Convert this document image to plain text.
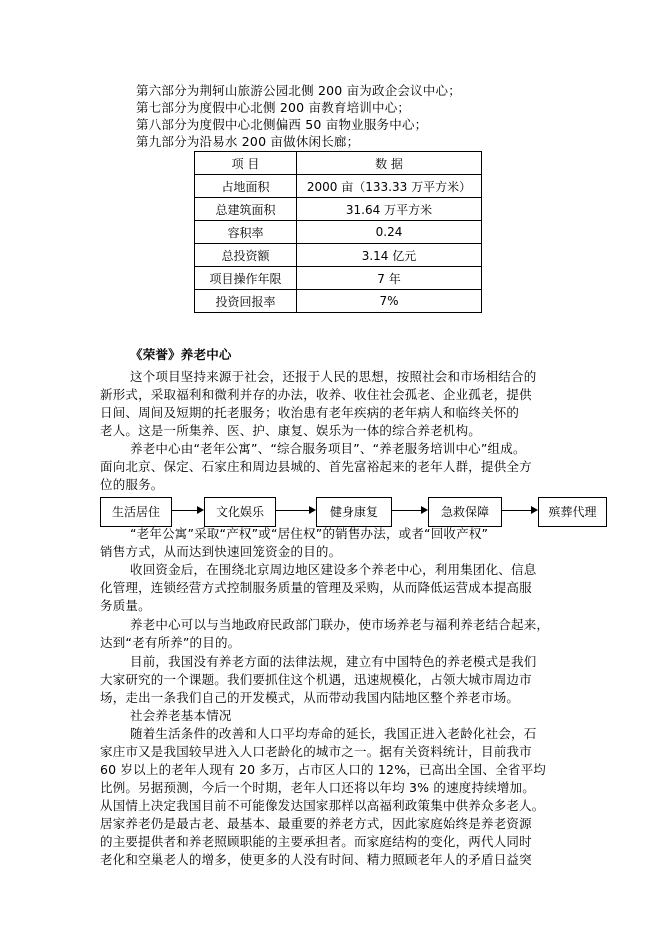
第六部分为荆轲山旅游公园北侧 200 亩为政企会议中心；
第七部分为度假中心北侧 200 亩教育培训中心；
第八部分为度假中心北侧偏西 50 亩物业服务中心；
第九部分为沿易水 200 亩做休闲长廊；
项 目	数 据
占地面积	2000 亩（133.33 万平方米）
总建筑面积	31.64 万平方米
容积率	0.24
总投资额	3.14 亿元
项目操作年限	7 年
投资回报率	7%
《荣誉》养老中心
这个项目坚持来源于社会，还报于人民的思想，按照社会和市场相结合的
新形式，采取福利和微利并存的办法，收养、收住社会孤老、企业孤老，提供
日间、周间及短期的托老服务；收治患有老年疾病的老年病人和临终关怀的
老人。这是一所集养、医、护、康复、娱乐为一体的综合养老机构。
养老中心由“老年公寓”、“综合服务项目”、“养老服务培训中心”组成。
面向北京、保定、石家庄和周边县城的、首先富裕起来的老年人群，提供全方
位的服务。
生活居住	文化娱乐	健身康复	急救保障	殡葬代理
“老年公寓”采取“产权”或“居住权”的销售办法，或者“回收产权”
销售方式，从而达到快速回笼资金的目的。
收回资金后，在围绕北京周边地区建设多个养老中心，利用集团化、信息
化管理，连锁经营方式控制服务质量的管理及采购，从而降低运营成本提高服
务质量。
养老中心可以与当地政府民政部门联办，使市场养老与福利养老结合起来，
达到“老有所养”的目的。
目前，我国没有养老方面的法律法规，建立有中国特色的养老模式是我们
大家研究的一个课题。我们要抓住这个机遇，迅速规模化，占领大城市周边市
场，走出一条我们自己的开发模式，从而带动我国内陆地区整个养老市场。
社会养老基本情况
随着生活条件的改善和人口平均寿命的延长，我国正进入老龄化社会，石
家庄市又是我国较早进入人口老龄化的城市之一。据有关资料统计，目前我市
60 岁以上的老年人现有 20 多万，占市区人口的 12%，已高出全国、全省平均
比例。另据预测，今后一个时期，老年人口还将以年均 3% 的速度持续增加。
从国情上决定我国目前不可能像发达国家那样以高福利政策集中供养众多老人。
居家养老仍是最古老、最基本、最重要的养老方式，因此家庭始终是养老资源
的主要提供者和养老照顾职能的主要承担者。而家庭结构的变化，两代人同时
老化和空巢老人的增多，使更多的人没有时间、精力照顾老年人的矛盾日益突
